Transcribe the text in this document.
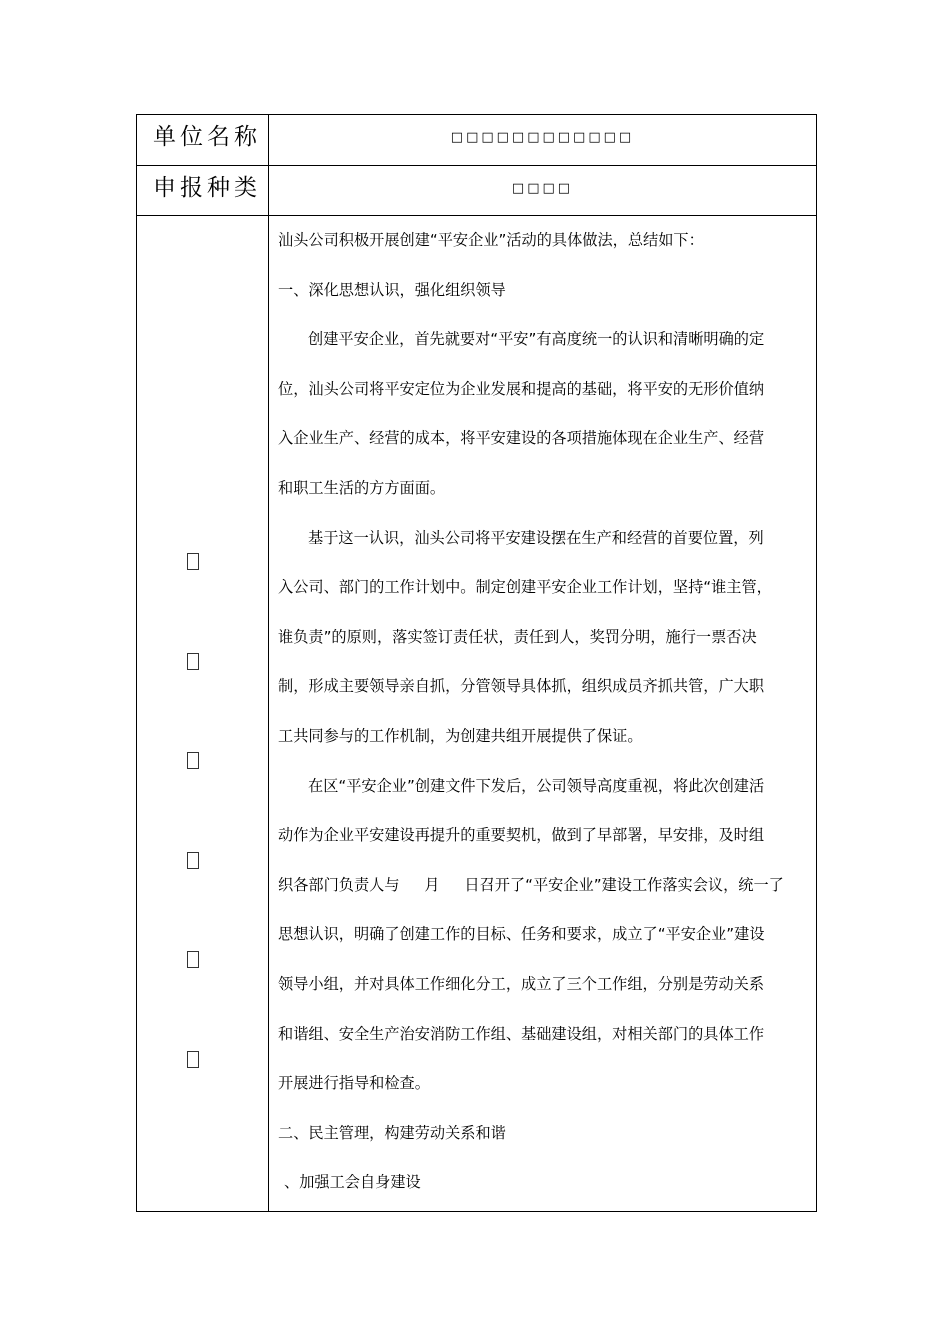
单位名称	□□□□□□□□□□□□
申报种类	□□□□
汕头公司积极开展创建“平安企业”活动的具体做法，总结如下：
一、深化思想认识，强化组织领导
创建平安企业，首先就要对“平安”有高度统一的认识和清晰明确的定
位，汕头公司将平安定位为企业发展和提高的基础，将平安的无形价值纳
入企业生产、经营的成本，将平安建设的各项措施体现在企业生产、经营
和职工生活的方方面面。
基于这一认识，汕头公司将平安建设摆在生产和经营的首要位置，列
入公司、部门的工作计划中。制定创建平安企业工作计划，坚持“谁主管，
谁负责”的原则，落实签订责任状，责任到人，奖罚分明，施行一票否决
制，形成主要领导亲自抓，分管领导具体抓，组织成员齐抓共管，广大职
工共同参与的工作机制，为创建共组开展提供了保证。
在区“平安企业”创建文件下发后，公司领导高度重视，将此次创建活
动作为企业平安建设再提升的重要契机，做到了早部署，早安排，及时组
织各部门负责人与　  月　  日召开了“平安企业”建设工作落实会议，统一了
思想认识，明确了创建工作的目标、任务和要求，成立了“平安企业”建设
领导小组，并对具体工作细化分工，成立了三个工作组，分别是劳动关系
和谐组、安全生产治安消防工作组、基础建设组，对相关部门的具体工作
开展进行指导和检查。
二、民主管理，构建劳动关系和谐
、加强工会自身建设
